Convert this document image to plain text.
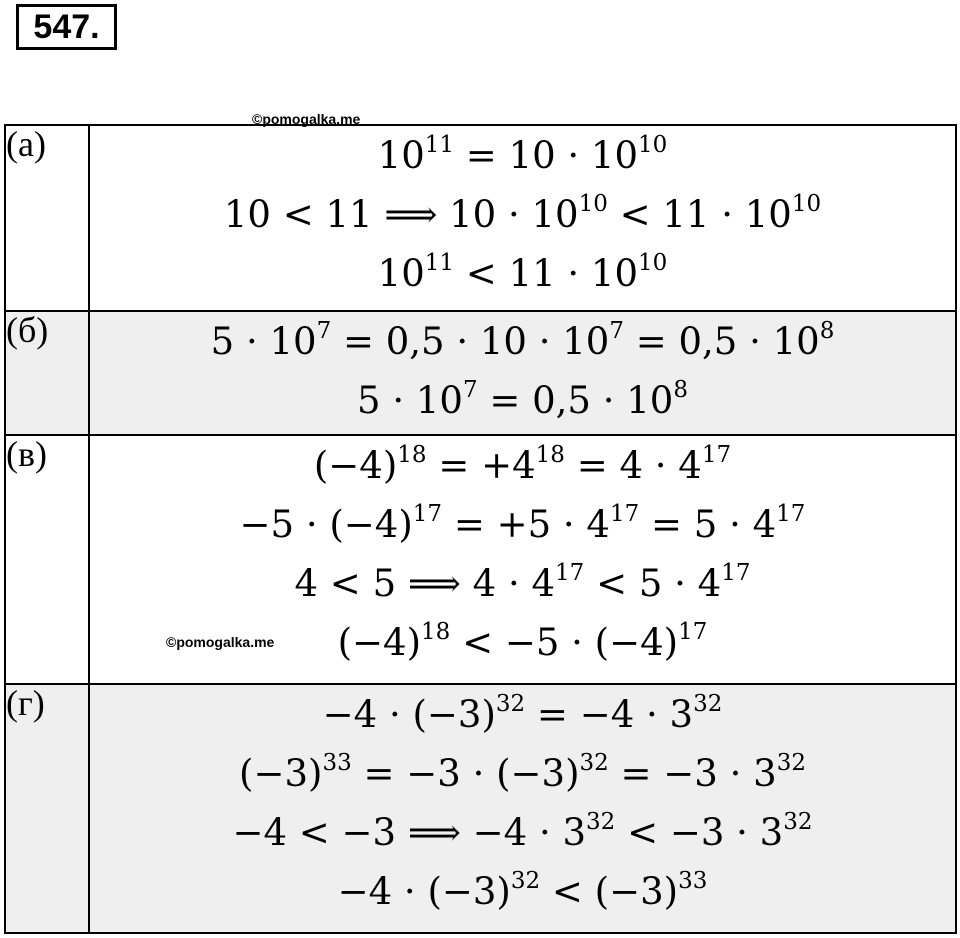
547.
(а)	$10^{11} = 10 \cdot 10^{10}$
10 < 11 ⟹ $10 \cdot 10^{10} < 11 \cdot 10^{10}$
$10^{11} < 11 \cdot 10^{10}$

(б)	$5 \cdot 10^7 = 0,5 \cdot 10 \cdot 10^7 = 0,5 \cdot 10^8$
$5 \cdot 10^7 = 0,5 \cdot 10^8$

(в)	$(-4)^{18} = +4^{18} = 4 \cdot 4^{17}$
$-5 \cdot (-4)^{17} = +5 \cdot 4^{17} = 5 \cdot 4^{17}$
4 < 5 ⟹ $4 \cdot 4^{17} < 5 \cdot 4^{17}$
$(-4)^{18} < -5 \cdot (-4)^{17}$

(г)	$-4 \cdot (-3)^{32} = -4 \cdot 3^{32}$
$(-3)^{33} = -3 \cdot (-3)^{32} = -3 \cdot 3^{32}$
−4 < −3 ⟹ $-4 \cdot 3^{32} < -3 \cdot 3^{32}$
$-4 \cdot (-3)^{32} < (-3)^{33}$
©pomogalka.me
©pomogalka.me
